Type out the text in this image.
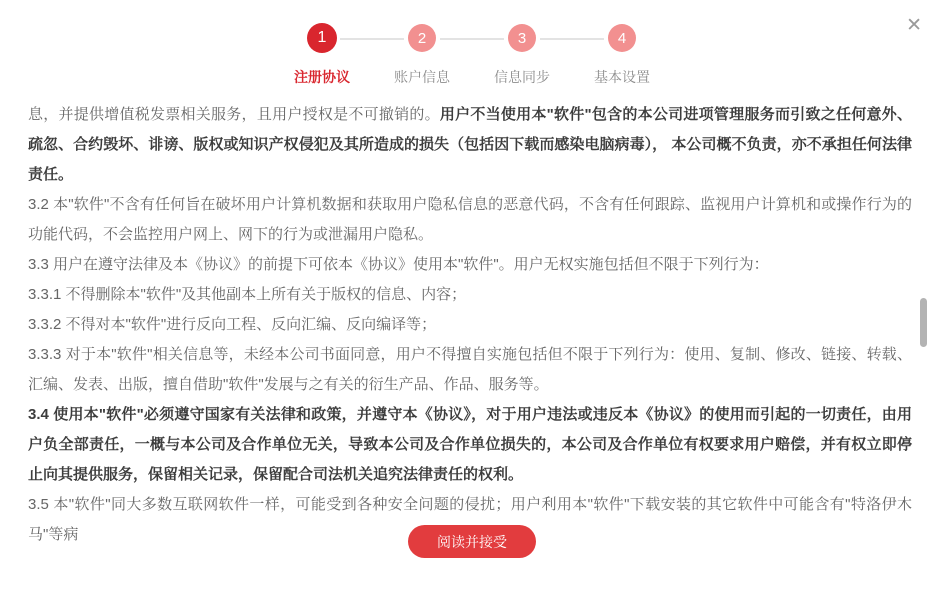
✕
1
注册协议
2
账户信息
3
信息同步
4
基本设置

息，并提供增值税发票相关服务，且用户授权是不可撤销的。用户不当使用本"软件"包含的本公司进项管理服务而引致之任何意外、疏忽、合约毁坏、诽谤、版权或知识产权侵犯及其所造成的损失（包括因下载而感染电脑病毒）， 本公司概不负责，亦不承担任何法律责任。

3.2 本"软件"不含有任何旨在破坏用户计算机数据和获取用户隐私信息的恶意代码，不含有任何跟踪、监视用户计算机和或操作行为的功能代码，不会监控用户网上、网下的行为或泄漏用户隐私。

3.3 用户在遵守法律及本《协议》的前提下可依本《协议》使用本"软件"。用户无权实施包括但不限于下列行为：

3.3.1 不得删除本"软件"及其他副本上所有关于版权的信息、内容；

3.3.2 不得对本"软件"进行反向工程、反向汇编、反向编译等；

3.3.3 对于本"软件"相关信息等，未经本公司书面同意，用户不得擅自实施包括但不限于下列行为：使用、复制、修改、链接、转载、汇编、发表、出版，擅自借助"软件"发展与之有关的衍生产品、作品、服务等。

3.4 使用本"软件"必须遵守国家有关法律和政策，并遵守本《协议》，对于用户违法或违反本《协议》的使用而引起的一切责任，由用户负全部责任，一概与本公司及合作单位无关，导致本公司及合作单位损失的，本公司及合作单位有权要求用户赔偿，并有权立即停止向其提供服务，保留相关记录，保留配合司法机关追究法律责任的权利。

3.5 本"软件"同大多数互联网软件一样，可能受到各种安全问题的侵扰；用户利用本"软件"下载安装的其它软件中可能含有"特洛伊木马"等病	阅读并接受
